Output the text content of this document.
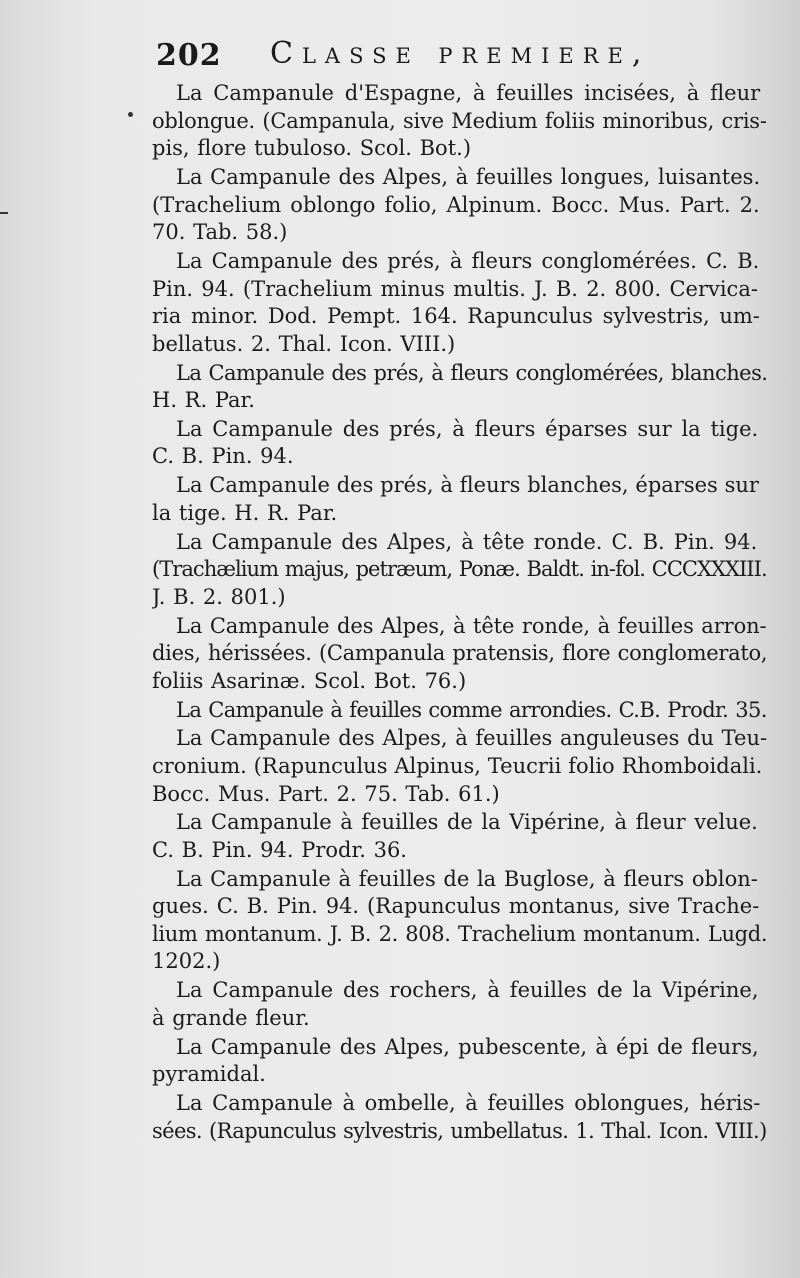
202 Classe premiere,
La Campanule d'Espagne, à feuilles incisées, à fleur
oblongue. (Campanula, sive Medium foliis minoribus, cris-
pis, flore tubuloso. Scol. Bot.)
La Campanule des Alpes, à feuilles longues, luisantes.
(Trachelium oblongo folio, Alpinum. Bocc. Mus. Part. 2.
70. Tab. 58.)
La Campanule des prés, à fleurs conglomérées. C. B.
Pin. 94. (Trachelium minus multis. J. B. 2. 800. Cervica-
ria minor. Dod. Pempt. 164. Rapunculus sylvestris, um-
bellatus. 2. Thal. Icon. VIII.)
La Campanule des prés, à fleurs conglomérées, blanches.
H. R. Par.
La Campanule des prés, à fleurs éparses sur la tige.
C. B. Pin. 94.
La Campanule des prés, à fleurs blanches, éparses sur
la tige. H. R. Par.
La Campanule des Alpes, à tête ronde. C. B. Pin. 94.
(Trachælium majus, petræum, Ponæ. Baldt. in-fol. CCCXXXIII.
J. B. 2. 801.)
La Campanule des Alpes, à tête ronde, à feuilles arron-
dies, hérissées. (Campanula pratensis, flore conglomerato,
foliis Asarinæ. Scol. Bot. 76.)
La Campanule à feuilles comme arrondies. C.B. Prodr. 35.
La Campanule des Alpes, à feuilles anguleuses du Teu-
cronium. (Rapunculus Alpinus, Teucrii folio Rhomboidali.
Bocc. Mus. Part. 2. 75. Tab. 61.)
La Campanule à feuilles de la Vipérine, à fleur velue.
C. B. Pin. 94. Prodr. 36.
La Campanule à feuilles de la Buglose, à fleurs oblon-
gues. C. B. Pin. 94. (Rapunculus montanus, sive Trache-
lium montanum. J. B. 2. 808. Trachelium montanum. Lugd.
1202.)
La Campanule des rochers, à feuilles de la Vipérine,
à grande fleur.
La Campanule des Alpes, pubescente, à épi de fleurs,
pyramidal.
La Campanule à ombelle, à feuilles oblongues, héris-
sées. (Rapunculus sylvestris, umbellatus. 1. Thal. Icon. VIII.)
